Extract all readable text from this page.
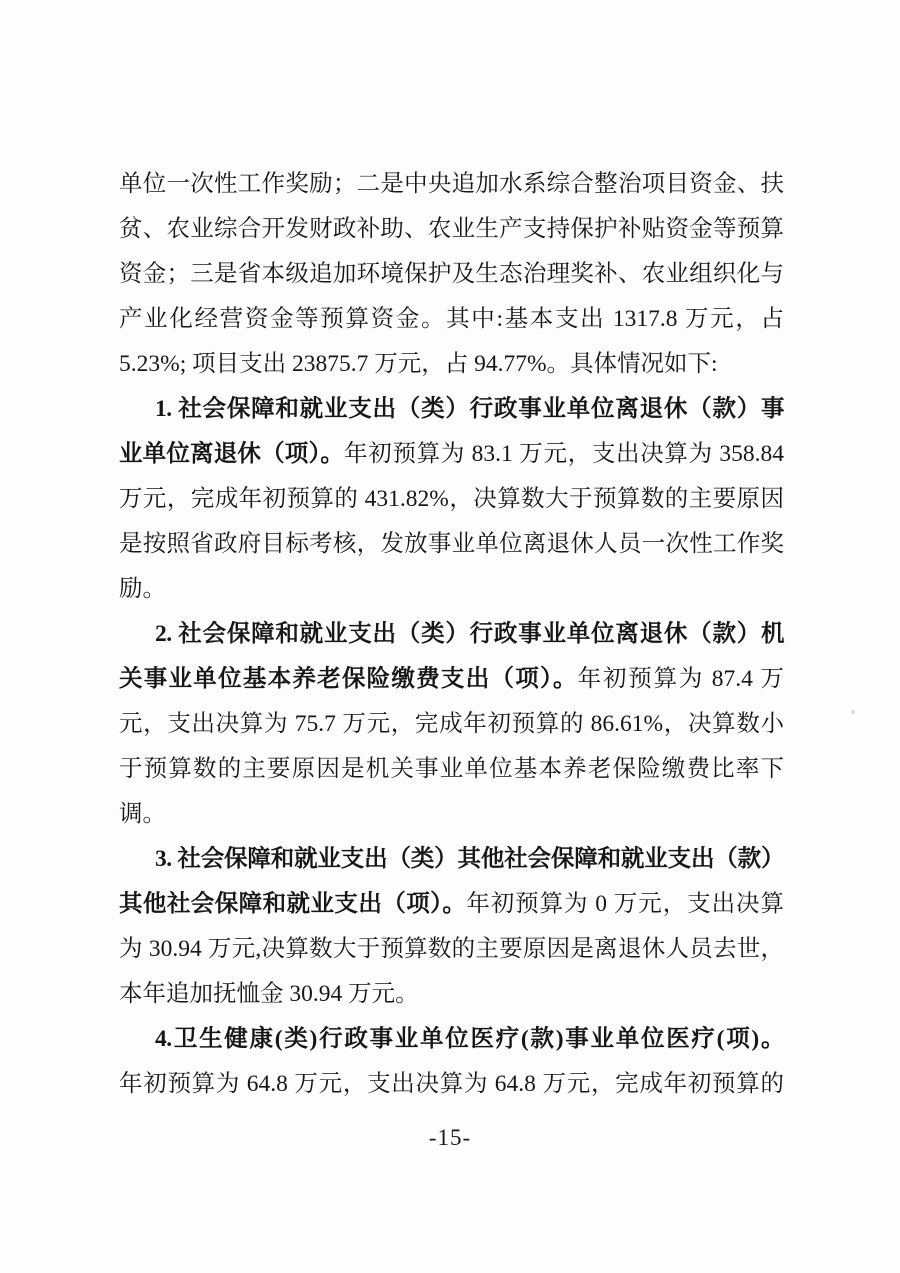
单位一次性工作奖励；二是中央追加水系综合整治项目资金、扶
贫、农业综合开发财政补助、农业生产支持保护补贴资金等预算
资金；三是省本级追加环境保护及生态治理奖补、农业组织化与
产业化经营资金等预算资金。其中:基本支出 1317.8 万元，占
5.23%; 项目支出 23875.7 万元，占 94.77%。具体情况如下:
1. 社会保障和就业支出（类）行政事业单位离退休（款）事
业单位离退休（项）。年初预算为 83.1 万元，支出决算为 358.84
万元，完成年初预算的 431.82%，决算数大于预算数的主要原因
是按照省政府目标考核，发放事业单位离退休人员一次性工作奖
励。
2. 社会保障和就业支出（类）行政事业单位离退休（款）机
关事业单位基本养老保险缴费支出（项）。年初预算为 87.4 万
元，支出决算为 75.7 万元，完成年初预算的 86.61%，决算数小
于预算数的主要原因是机关事业单位基本养老保险缴费比率下
调。
3. 社会保障和就业支出（类）其他社会保障和就业支出（款）
其他社会保障和就业支出（项）。年初预算为 0 万元，支出决算
为 30.94 万元,决算数大于预算数的主要原因是离退休人员去世，
本年追加抚恤金 30.94 万元。
4.卫生健康(类)行政事业单位医疗(款)事业单位医疗(项)。
年初预算为 64.8 万元，支出决算为 64.8 万元，完成年初预算的
-15-
